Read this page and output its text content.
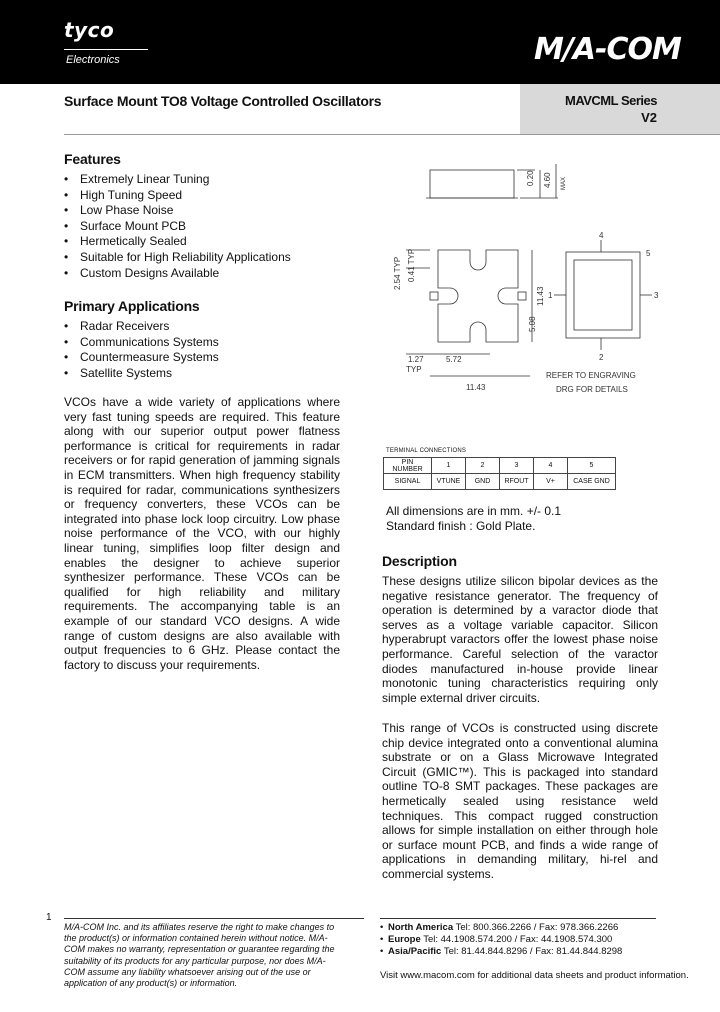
tyco
Electronics	M/A-COM
Surface Mount TO8 Voltage Controlled Oscillators	MAVCML Series
V2
Features
• Extremely Linear Tuning
• High Tuning Speed
• Low Phase Noise
• Surface Mount PCB
• Hermetically Sealed
• Suitable for High Reliability Applications
• Custom Designs Available
Primary Applications
• Radar Receivers
• Communications Systems
• Countermeasure Systems
• Satellite Systems

VCOs have a wide variety of applications where very fast tuning speeds are required. This feature along with our superior output power flatness performance is critical for requirements in radar receivers or for rapid generation of jamming signals in ECM transmitters. When high frequency stability is required for radar, communications synthesizers or frequency converters, these VCOs can be integrated into phase lock loop circuitry. Low phase noise performance of the VCO, with our highly linear tuning, simplifies loop filter design and enables the designer to achieve superior synthesizer performance. These VCOs can be qualified for high reliability and military requirements. The accompanying table is an example of our standard VCO designs. A wide range of custom designs are also available with output frequencies to 6 GHz. Please contact the factory to discuss your requirements.

0.20 4.60 MAX
2.54 TYP 0.41 TYP
11.43
5.08
1.27
TYP
5.72
11.43
4
5
3
1
2
REFER TO ENGRAVING
DRG FOR DETAILS
TERMINAL CONNECTIONS
PIN NUMBER	1	2	3	4	5
SIGNAL	VTUNE	GND	RFOUT	V+	CASE GND
All dimensions are in mm. +/- 0.1
Standard finish : Gold Plate.
Description

These designs utilize silicon bipolar devices as the negative resistance generator. The frequency of operation is determined by a varactor diode that serves as a voltage variable capacitor. Silicon hyperabrupt varactors offer the lowest phase noise performance. Careful selection of the varactor diodes manufactured in-house provide linear monotonic tuning characteristics requiring only simple external driver circuits.

This range of VCOs is constructed using discrete chip device integrated onto a conventional alumina substrate or on a Glass Microwave Integrated Circuit (GMIC™). This is packaged into standard outline TO-8 SMT packages. These packages are hermetically sealed using resistance weld techniques. This compact rugged construction allows for simple installation on either through hole or surface mount PCB, and finds a wide range of applications in demanding military, hi-rel and commercial systems.

1
M/A-COM Inc. and its affiliates reserve the right to make changes to the product(s) or information contained herein without notice. M/A-COM makes no warranty, representation or guarantee regarding the suitability of its products for any particular purpose, nor does M/A-COM assume any liability whatsoever arising out of the use or application of any product(s) or information.
• North America Tel: 800.366.2266 / Fax: 978.366.2266
• Europe Tel: 44.1908.574.200 / Fax: 44.1908.574.300
• Asia/Pacific Tel: 81.44.844.8296 / Fax: 81.44.844.8298
Visit www.macom.com for additional data sheets and product information.
